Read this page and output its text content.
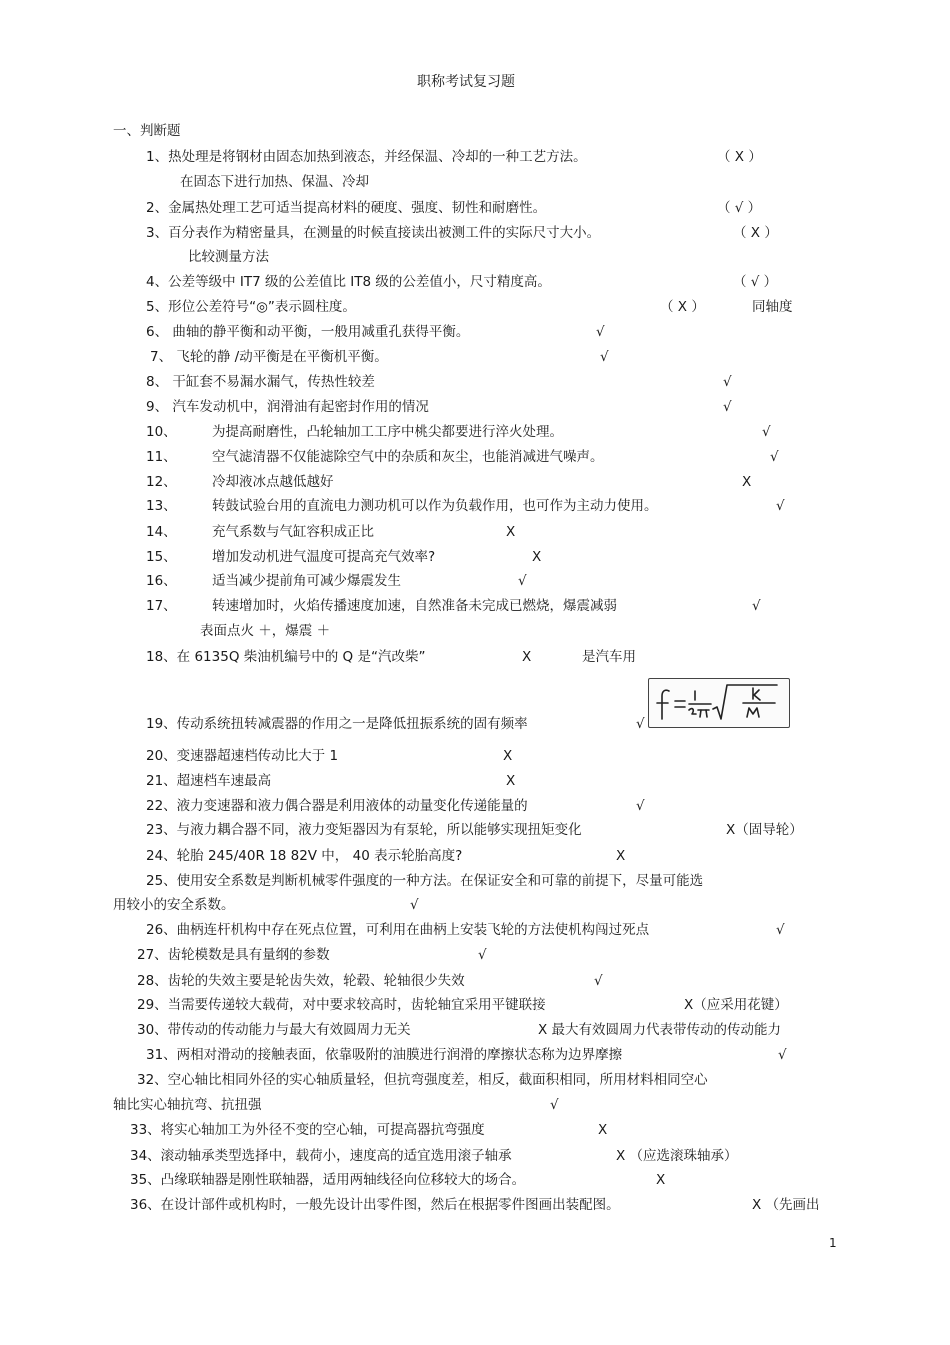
职称考试复习题
一、判断题
1、热处理是将钢材由固态加热到液态，并经保温、冷却的一种工艺方法。	（ X ）
在固态下进行加热、保温、冷却
2、金属热处理工艺可适当提高材料的硬度、强度、韧性和耐磨性。	（ √ ）
3、百分表作为精密量具，在测量的时候直接读出被测工件的实际尺寸大小。	（ X ）
比较测量方法
4、公差等级中 IT7 级的公差值比 IT8 级的公差值小，尺寸精度高。	（ √ ）
5、形位公差符号“◎”表示圆柱度。	（ X ）	同轴度
6、 曲轴的静平衡和动平衡，一般用减重孔获得平衡。	√
7、 飞轮的静 /动平衡是在平衡机平衡。	√
8、 干缸套不易漏水漏气，传热性较差	√
9、 汽车发动机中，润滑油有起密封作用的情况	√
10、	为提高耐磨性，凸轮轴加工工序中桃尖都要进行淬火处理。	√
11、	空气滤清器不仅能滤除空气中的杂质和灰尘，也能消减进气噪声。	√
12、	冷却液冰点越低越好	X
13、	转鼓试验台用的直流电力测功机可以作为负载作用，也可作为主动力使用。	√
14、	充气系数与气缸容积成正比	X
15、	增加发动机进气温度可提高充气效率?	X
16、	适当减少提前角可减少爆震发生	√
17、	转速增加时，火焰传播速度加速，自然准备未完成已燃烧，爆震减弱	√
表面点火 ＋，爆震 ＋
18、在 6135Q 柴油机编号中的 Q 是“汽改柴”	X	是汽车用
19、传动系统扭转减震器的作用之一是降低扭振系统的固有频率	√
20、变速器超速档传动比大于 1	X
21、超速档车速最高	X
22、液力变速器和液力偶合器是利用液体的动量变化传递能量的	√
23、与液力耦合器不同，液力变矩器因为有泵轮，所以能够实现扭矩变化	X（固导轮）
24、轮胎 245/40R 18 82V 中， 40 表示轮胎高度?	X
25、使用安全系数是判断机械零件强度的一种方法。在保证安全和可靠的前提下，尽量可能选
用较小的安全系数。	√
26、曲柄连杆机构中存在死点位置，可利用在曲柄上安装飞轮的方法使机构闯过死点	√
27、齿轮模数是具有量纲的参数	√
28、齿轮的失效主要是轮齿失效，轮毂、轮轴很少失效	√
29、当需要传递较大载荷，对中要求较高时，齿轮轴宜采用平键联接	X（应采用花键）
30、带传动的传动能力与最大有效圆周力无关	X 最大有效圆周力代表带传动的传动能力
31、两相对滑动的接触表面，依靠吸附的油膜进行润滑的摩擦状态称为边界摩擦	√
32、空心轴比相同外径的实心轴质量轻，但抗弯强度差，相反，截面积相同，所用材料相同空心
轴比实心轴抗弯、抗扭强	√
33、将实心轴加工为外径不变的空心轴，可提高器抗弯强度	X
34、滚动轴承类型选择中，载荷小，速度高的适宜选用滚子轴承	X （应选滚珠轴承）
35、凸缘联轴器是刚性联轴器，适用两轴线径向位移较大的场合。	X
36、在设计部件或机构时，一般先设计出零件图，然后在根据零件图画出装配图。	X （先画出
1
